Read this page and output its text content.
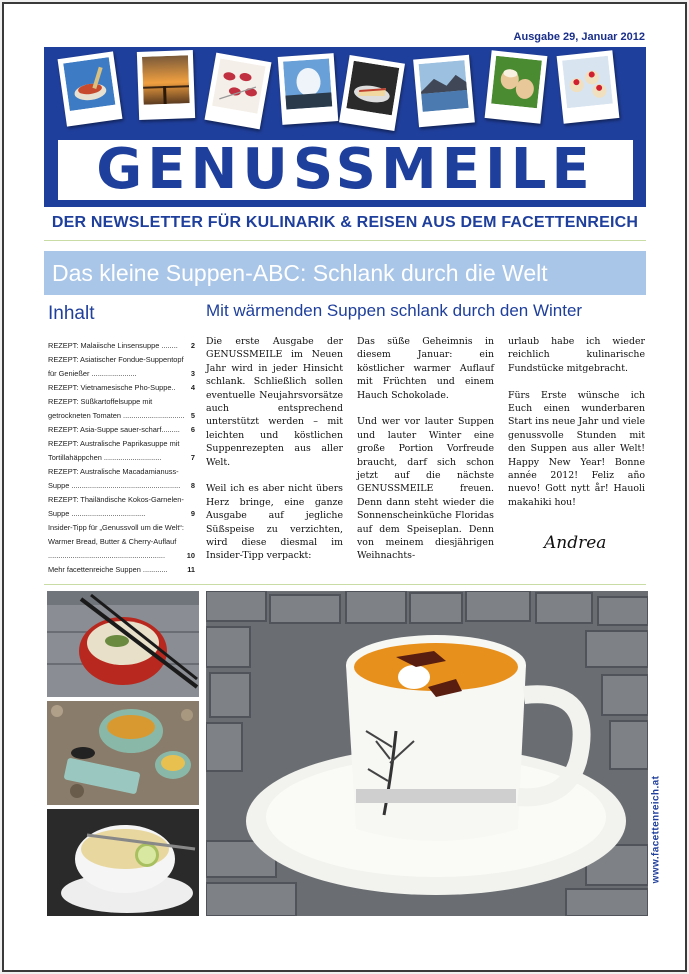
Ausgabe 29, Januar 2012
GENUSSMEILE
DER NEWSLETTER FÜR KULINARIK & REISEN AUS DEM FACETTENREICH
Das kleine Suppen-ABC: Schlank durch die Welt
Inhalt	Mit wärmenden Suppen schlank durch den Winter
REZEPT: Malaiische Linsensuppe ........	2
REZEPT: Asiatischer Fondue-Suppentopf für Genießer ......................	3
REZEPT: Vietnamesische Pho-Suppe..	4
REZEPT: Süßkartoffelsuppe mit getrockneten Tomaten .............................. 5
REZEPT: Asia-Suppe sauer-scharf.........	6
REZEPT: Australische Paprikasuppe mit Tortillahäppchen ............................	7
REZEPT: Australische Macadamianuss-Suppe .....................................................	8
REZEPT: Thailändische Kokos-Garnelen-Suppe ....................................	9
Insider-Tipp für „Genussvoll um die Welt“: Warmer Bread, Butter & Cherry-Auflauf .........................................................	10
Mehr facettenreiche Suppen ............	11

Die erste Ausgabe der GENUSSMEILE im Neuen Jahr wird in jeder Hinsicht schlank. Schließlich sollen eventuelle Neujahrsvorsätze auch entsprechend unterstützt werden – mit leichten und köstlichen Suppenrezepten aus aller Welt.

Weil ich es aber nicht übers Herz bringe, eine ganze Ausgabe auf jegliche Süßspeise zu verzichten, wird diese diesmal im Insider-Tipp verpackt:

Das süße Geheimnis in diesem Januar: ein köstlicher warmer Auflauf mit Früchten und einem Hauch Schokolade.

Und wer vor lauter Suppen und lauter Winter eine große Portion Vorfreude braucht, darf sich schon jetzt auf die nächste GENUSSMEILE freuen. Denn dann steht wieder die Sonnenscheinküche Floridas auf dem Speiseplan. Denn von meinem diesjährigen Weihnachts-

urlaub habe ich wieder reichlich kulinarische Fundstücke mitgebracht.

Fürs Erste wünsche ich Euch einen wunderbaren Start ins neue Jahr und viele genussvolle Stunden mit den Suppen aus aller Welt! Happy New Year! Bonne année 2012! Feliz año nuevo! Gott nytt år! Hauoli makahiki hou!

Andrea
www.facettenreich.at
